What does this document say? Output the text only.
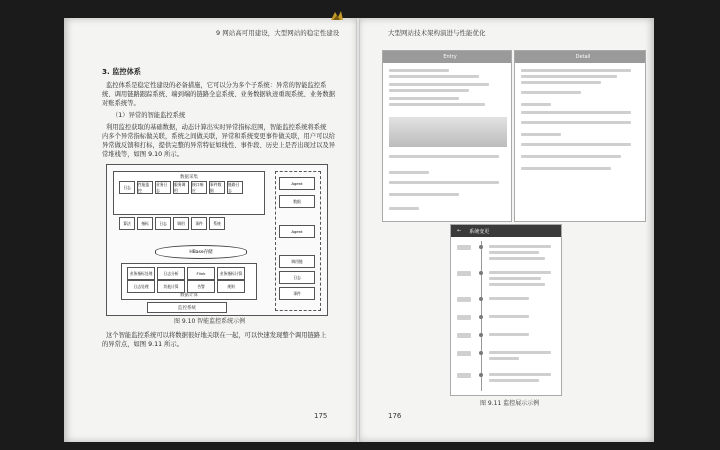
9 网站高可用建设，大型网站的稳定性建设
3. 监控体系
监控体系是稳定性建设的必备措施，它可以分为多个子系统：异常的智能监控系
统、调用链路跟踪系统、端到端的链路全息系统、业务数据轨迹重现系统、业务数据
对账系统等。
（1）异常的智能监控系统
利用监控获取的基础数据，动态计算出实时异常指标范围，智能监控系统将系统
内多个异常指标做关联，系统之间做关联，异常和系统变更事件做关联，用户可以给
异常做反馈和打标，提供完整的异常特征如线性、事件段、历史上是否出现过以及异
常堆栈等，如图 9.10 所示。
数据采集
日志
性能监控
业务日志
服务调用
接口响应
事件数据
链路日志
算法	指标	日志	调用	事件	系统
HBase存储
数据计算
业务指标处理	日志分析	Flink	业务指标计算
日志处理	其他计算	告警	规则
监控系统
Agent
数据
Agent
调用链
日志
事件
图 9.10 智能监控系统示例
这个智能监控系统可以将数据很好地关联在一起，可以快速发现整个调用链路上
的异常点，如图 9.11 所示。
175
大型网站技术架构演进与性能优化
Entry	Detail
← 系统变更
图 9.11 监控展示示例
176
